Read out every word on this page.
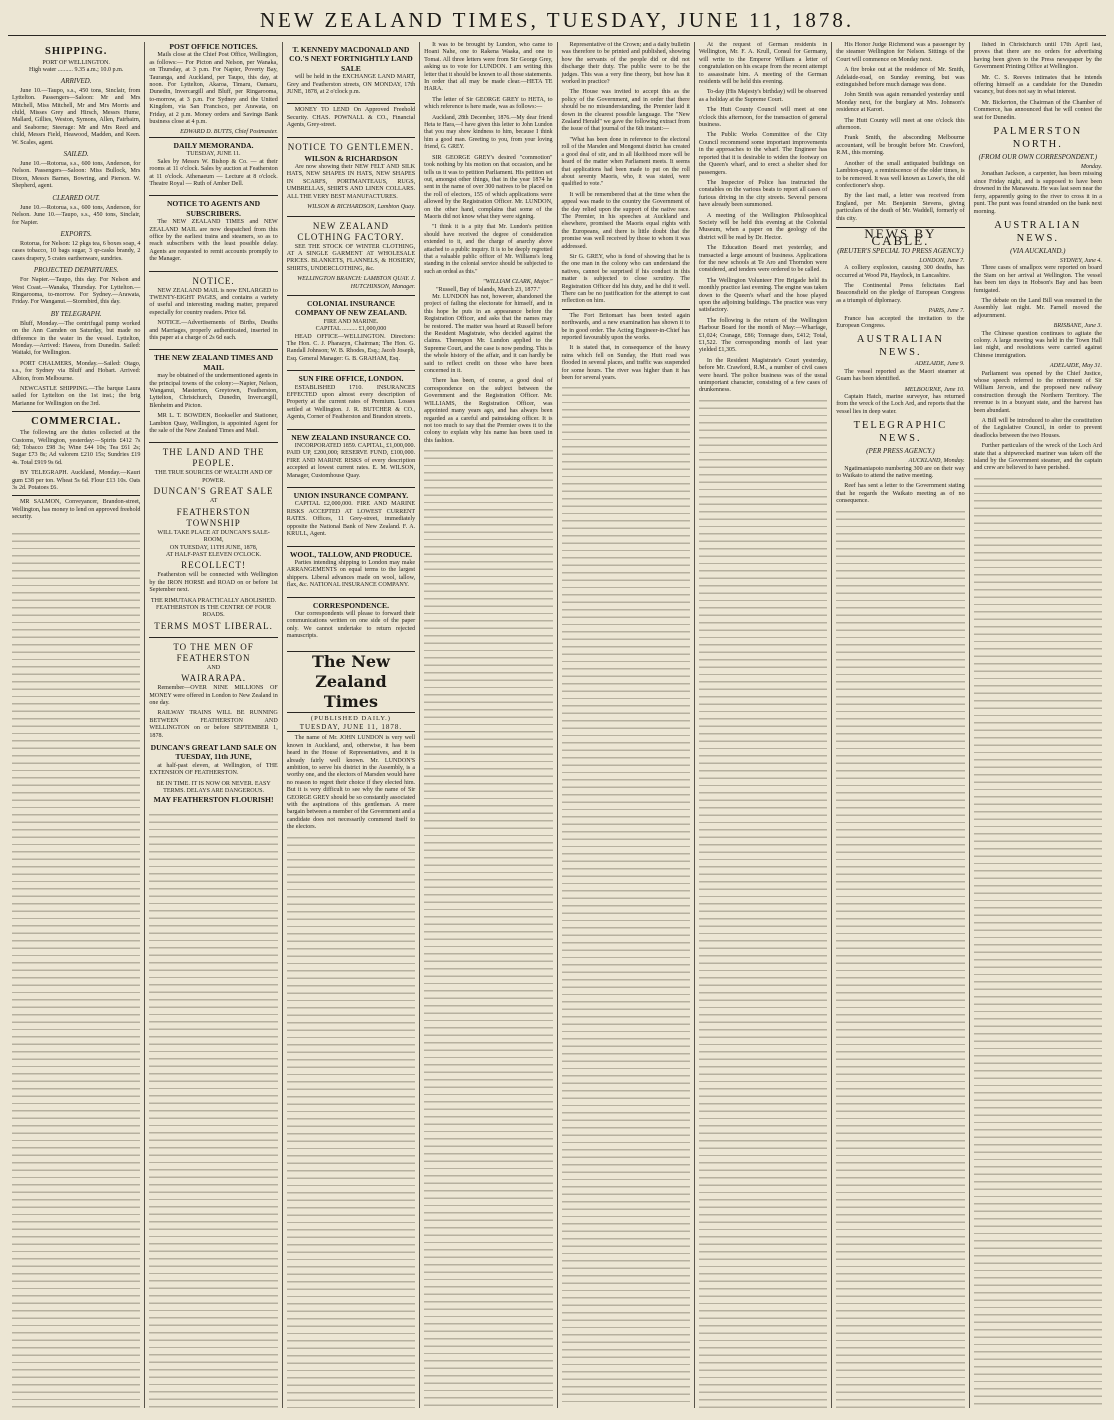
NEW ZEALAND TIMES, TUESDAY, JUNE 11, 1878.
SHIPPING.
PORT OF WELLINGTON.
High water .......... 9.35 a.m.; 10.0 p.m.
ARRIVED.

June 10.—Taupo, s.s., 450 tons, Sinclair, from Lyttelton. Passengers—Saloon: Mr and Mrs Mitchell, Miss Mitchell, Mr and Mrs Morris and child, Misses Grey and Hirsch, Messrs Hume, Mallard, Gillies, Weston, Symons, Allen, Fairbairn, and Seaborne; Steerage: Mr and Mrs Reed and child, Messrs Field, Heawood, Madden, and Keen. W. Scales, agent.

SAILED.

June 10.—Rotorua, s.s., 600 tons, Anderson, for Nelson. Passengers—Saloon: Miss Bullock, Mrs Dixon, Messrs Barnes, Bowring, and Pierson. W. Shepherd, agent.

CLEARED OUT.

June 10.—Rotorua, s.s., 600 tons, Anderson, for Nelson. June 10.—Taupo, s.s., 450 tons, Sinclair, for Napier.

EXPORTS.

Rotorua, for Nelson: 12 pkgs tea, 6 boxes soap, 4 cases tobacco, 10 bags sugar, 3 qr-casks brandy, 2 cases drapery, 5 crates earthenware, sundries.

PROJECTED DEPARTURES.

For Napier.—Taupo, this day. For Nelson and West Coast.—Wanaka, Thursday. For Lyttelton.—Ringarooma, to-morrow. For Sydney.—Arawata, Friday. For Wanganui.—Stormbird, this day.

BY TELEGRAPH.

Bluff, Monday.—The centrifugal pump worked on the Ann Camden on Saturday, but made no difference in the water in the vessel. Lyttelton, Monday.—Arrived: Hawea, from Dunedin. Sailed: Waitaki, for Wellington.

PORT CHALMERS, Monday.—Sailed: Otago, s.s., for Sydney via Bluff and Hobart. Arrived: Albion, from Melbourne.

NEWCASTLE SHIPPING.—The barque Laura sailed for Lyttelton on the 1st inst.; the brig Marianne for Wellington on the 3rd.

COMMERCIAL.

The following are the duties collected at the Customs, Wellington, yesterday:—Spirits £412 7s 6d; Tobacco £98 3s; Wine £44 10s; Tea £61 2s; Sugar £73 8s; Ad valorem £210 15s; Sundries £19 4s. Total £919 9s 6d.

BY TELEGRAPH. Auckland, Monday.—Kauri gum £38 per ton. Wheat 5s 6d. Flour £13 10s. Oats 3s 2d. Potatoes £6.

MR SALMON, Conveyancer, Brandon-street, Wellington, has money to lend on approved freehold security.

POST OFFICE NOTICES.

Mails close at the Chief Post Office, Wellington, as follows:— For Picton and Nelson, per Wanaka, on Thursday, at 3 p.m. For Napier, Poverty Bay, Tauranga, and Auckland, per Taupo, this day, at noon. For Lyttelton, Akaroa, Timaru, Oamaru, Dunedin, Invercargill and Bluff, per Ringarooma, to-morrow, at 3 p.m. For Sydney and the United Kingdom, via San Francisco, per Arawata, on Friday, at 2 p.m. Money orders and Savings Bank business close at 4 p.m.

EDWARD D. BUTTS, Chief Postmaster.
DAILY MEMORANDA.
TUESDAY, JUNE 11.

Sales by Messrs W. Bishop & Co. — at their rooms at 11 o'clock. Sales by auction at Featherston at 11 o'clock. Athenaeum — Lecture at 8 o'clock. Theatre Royal — Ruth of Amber Dell.

NOTICE TO AGENTS AND SUBSCRIBERS.

The NEW ZEALAND TIMES and NEW ZEALAND MAIL are now despatched from this office by the earliest trains and steamers, so as to reach subscribers with the least possible delay. Agents are requested to remit accounts promptly to the Manager.

NOTICE.

NEW ZEALAND MAIL is now ENLARGED to TWENTY-EIGHT PAGES, and contains a variety of useful and interesting reading matter, prepared especially for country readers. Price 6d.

NOTICE.—Advertisements of Births, Deaths and Marriages, properly authenticated, inserted in this paper at a charge of 2s 6d each.

THE NEW ZEALAND TIMES AND MAIL

may be obtained of the undermentioned agents in the principal towns of the colony:—Napier, Nelson, Wanganui, Masterton, Greytown, Featherston, Lyttelton, Christchurch, Dunedin, Invercargill, Blenheim and Picton.

MR L. T. BOWDEN, Bookseller and Stationer, Lambton Quay, Wellington, is appointed Agent for the sale of the New Zealand Times and Mail.

THE LAND AND THE PEOPLE.
THE TRUE SOURCES OF WEALTH AND OF POWER.
DUNCAN'S GREAT SALE
AT
FEATHERSTON TOWNSHIP
WILL TAKE PLACE AT DUNCAN'S SALE-ROOM,
ON TUESDAY, 11TH JUNE, 1878,
AT HALF-PAST ELEVEN O'CLOCK.
RECOLLECT!

Featherston will be connected with Wellington by the IRON HORSE and ROAD on or before 1st September next.

THE RIMUTAKA PRACTICALLY ABOLISHED.
FEATHERSTON IS THE CENTRE OF FOUR ROADS.
TERMS MOST LIBERAL.
TO THE MEN OF FEATHERSTON
AND
WAIRARAPA.

Remember—OVER NINE MILLIONS OF MONEY were offered in London to New Zealand in one day.

RAILWAY TRAINS WILL BE RUNNING BETWEEN FEATHERSTON AND WELLINGTON on or before SEPTEMBER 1, 1878.

DUNCAN'S GREAT LAND SALE ON TUESDAY, 11th JUNE,

at half-past eleven, at Wellington, of THE EXTENSION OF FEATHERSTON.

BE IN TIME. IT IS NOW OR NEVER. EASY TERMS. DELAYS ARE DANGEROUS.
MAY FEATHERSTON FLOURISH!
T. KENNEDY MACDONALD AND CO.'S NEXT FORTNIGHTLY LAND SALE

will be held in the EXCHANGE LAND MART, Grey and Featherston streets, ON MONDAY, 17th JUNE, 1878, at 2 o'clock p.m.

MONEY TO LEND On Approved Freehold Security. CHAS. POWNALL & CO., Financial Agents, Grey-street.

NOTICE TO GENTLEMEN.
WILSON & RICHARDSON

Are now showing their NEW FELT AND SILK HATS, NEW SHAPES IN HATS, NEW SHAPES IN SCARFS, PORTMANTEAUS, RUGS, UMBRELLAS, SHIRTS AND LINEN COLLARS. ALL THE VERY BEST MANUFACTURES.

WILSON & RICHARDSON, Lambton Quay.
NEW ZEALAND CLOTHING FACTORY.

SEE THE STOCK OF WINTER CLOTHING, AT A SINGLE GARMENT AT WHOLESALE PRICES. BLANKETS, FLANNELS, & HOSIERY, SHIRTS, UNDERCLOTHING, &c.

WELLINGTON BRANCH: LAMBTON QUAY. J. HUTCHINSON, Manager.
COLONIAL INSURANCE COMPANY OF NEW ZEALAND.
FIRE AND MARINE.
CAPITAL .......... £1,000,000

HEAD OFFICE—WELLINGTON. Directors: The Hon. C. J. Pharazyn, Chairman; The Hon. G. Randall Johnson; W. B. Rhodes, Esq.; Jacob Joseph, Esq. General Manager: G. B. GRAHAM, Esq.

SUN FIRE OFFICE, LONDON.

ESTABLISHED 1710. INSURANCES EFFECTED upon almost every description of Property at the current rates of Premium. Losses settled at Wellington. J. R. BUTCHER & CO., Agents, Corner of Featherston and Brandon streets.

NEW ZEALAND INSURANCE CO.

INCORPORATED 1859. CAPITAL, £1,000,000. PAID UP, £200,000; RESERVE FUND, £100,000. FIRE AND MARINE RISKS of every description accepted at lowest current rates. E. M. WILSON, Manager, Customhouse Quay.

UNION INSURANCE COMPANY.

CAPITAL £2,000,000. FIRE AND MARINE RISKS ACCEPTED AT LOWEST CURRENT RATES. Offices, 11 Grey-street, immediately opposite the National Bank of New Zealand. F. A. KRULL, Agent.

WOOL, TALLOW, AND PRODUCE.

Parties intending shipping to London may make ARRANGEMENTS on equal terms to the largest shippers. Liberal advances made on wool, tallow, flax, &c. NATIONAL INSURANCE COMPANY.

CORRESPONDENCE.

Our correspondents will please to forward their communications written on one side of the paper only. We cannot undertake to return rejected manuscripts.

The New Zealand Times
(PUBLISHED DAILY.)
TUESDAY, JUNE 11, 1878.

The name of Mr. JOHN LUNDON is very well known in Auckland, and, otherwise, it has been heard in the House of Representatives, and it is already fairly well known. Mr. LUNDON'S ambition, to serve his district in the Assembly, is a worthy one, and the electors of Marsden would have no reason to regret their choice if they elected him. But it is very difficult to see why the name of Sir GEORGE GREY should be so constantly associated with the aspirations of this gentleman. A mere bargain between a member of the Government and a candidate does not necessarily commend itself to the electors.

It was to be brought by Lundon, who came to Hoani Nahe, one to Rakena Waaka, and one to Tomai. All three letters were from Sir George Grey, asking us to vote for LUNDON. I am writing this letter that it should be known to all those statements. In order that all may be made clear.—HETA TE HARA.

The letter of Sir GEORGE GREY to HETA, to which reference is here made, was as follows:—

Auckland, 28th December, 1876.—My dear friend Heta te Hara,—I have given this letter to John Lundon that you may show kindness to him, because I think him a good man. Greeting to you, from your loving friend, G. GREY.

SIR GEORGE GREY's desired "commotion" took nothing by his motion on that occasion, and he tells us it was to petition Parliament. His petition set out, amongst other things, that in the year 1874 he sent in the name of over 300 natives to be placed on the roll of electors, 155 of which applications were allowed by the Registration Officer. Mr. LUNDON, on the other hand, complains that some of the Maoris did not know what they were signing.

"I think it is a pity that Mr. Lundon's petition should have received the degree of consideration extended to it, and the charge of anarchy above attached to a public inquiry. It is to be deeply regretted that a valuable public officer of Mr. Williams's long standing in the colonial service should be subjected to such an ordeal as this."

"WILLIAM CLARK, Major."
"Russell, Bay of Islands, March 23, 1877."

Mr. LUNDON has not, however, abandoned the project of failing the electorate for himself, and in this hope he puts in an appearance before the Registration Officer, and asks that the names may be restored. The matter was heard at Russell before the Resident Magistrate, who decided against the claims. Thereupon Mr. Lundon applied to the Supreme Court, and the case is now pending. This is the whole history of the affair, and it can hardly be said to reflect credit on those who have been concerned in it.

There has been, of course, a good deal of correspondence on the subject between the Government and the Registration Officer. Mr. WILLIAMS, the Registration Officer, was appointed many years ago, and has always been regarded as a careful and painstaking officer. It is not too much to say that the Premier owes it to the colony to explain why his name has been used in this fashion.

Representative of the Crown; and a daily bulletin was therefore to be printed and published, showing how the servants of the people did or did not discharge their duty. The public were to be the judges. This was a very fine theory, but how has it worked in practice?

The House was invited to accept this as the policy of the Government, and in order that there should be no misunderstanding, the Premier laid it down in the clearest possible language. The "New Zealand Herald" we gave the following extract from the issue of that journal of the 6th instant:—

"What has been done in reference to the electoral roll of the Marsden and Mongonui district has created a good deal of stir, and in all likelihood more will be heard of the matter when Parliament meets. It seems that applications had been made to put on the roll about seventy Maoris, who, it was stated, were qualified to vote."

It will be remembered that at the time when the appeal was made to the country the Government of the day relied upon the support of the native race. The Premier, in his speeches at Auckland and elsewhere, promised the Maoris equal rights with the Europeans, and there is little doubt that the promise was well received by those to whom it was addressed.

Sir G. GREY, who is fond of showing that he is the one man in the colony who can understand the natives, cannot be surprised if his conduct in this matter is subjected to close scrutiny. The Registration Officer did his duty, and he did it well. There can be no justification for the attempt to cast reflection on him.

The Fort Britomart has been tested again northwards, and a new examination has shown it to be in good order. The Acting Engineer-in-Chief has reported favourably upon the works.

It is stated that, in consequence of the heavy rains which fell on Sunday, the Hutt road was flooded in several places, and traffic was suspended for some hours. The river was higher than it has been for several years.

At the request of German residents in Wellington, Mr. F. A. Krull, Consul for Germany, will write to the Emperor William a letter of congratulation on his escape from the recent attempt to assassinate him. A meeting of the German residents will be held this evening.

To-day (His Majesty's birthday) will be observed as a holiday at the Supreme Court.

The Hutt County Council will meet at one o'clock this afternoon, for the transaction of general business.

The Public Works Committee of the City Council recommend some important improvements in the approaches to the wharf. The Engineer has reported that it is desirable to widen the footway on the Queen's wharf, and to erect a shelter shed for passengers.

The Inspector of Police has instructed the constables on the various beats to report all cases of furious driving in the city streets. Several persons have already been summoned.

A meeting of the Wellington Philosophical Society will be held this evening at the Colonial Museum, when a paper on the geology of the district will be read by Dr. Hector.

The Education Board met yesterday, and transacted a large amount of business. Applications for the new schools at Te Aro and Thorndon were considered, and tenders were ordered to be called.

The Wellington Volunteer Fire Brigade held its monthly practice last evening. The engine was taken down to the Queen's wharf and the hose played upon the adjoining buildings. The practice was very satisfactory.

The following is the return of the Wellington Harbour Board for the month of May:—Wharfage, £1,024; Cranage, £86; Tonnage dues, £412; Total, £1,522. The corresponding month of last year yielded £1,305.

In the Resident Magistrate's Court yesterday, before Mr. Crawford, R.M., a number of civil cases were heard. The police business was of the usual unimportant character, consisting of a few cases of drunkenness.

His Honor Judge Richmond was a passenger by the steamer Wellington for Nelson. Sittings of the Court will commence on Monday next.

A fire broke out at the residence of Mr. Smith, Adelaide-road, on Sunday evening, but was extinguished before much damage was done.

John Smith was again remanded yesterday until Monday next, for the burglary at Mrs. Johnson's residence at Karori.

The Hutt County will meet at one o'clock this afternoon.

Frank Smith, the absconding Melbourne accountant, will be brought before Mr. Crawford, R.M., this morning.

Another of the small antiquated buildings on Lambton-quay, a reminiscence of the older times, is to be removed. It was well known as Lowe's, the old confectioner's shop.

By the last mail, a letter was received from England, per Mr. Benjamin Stevens, giving particulars of the death of Mr. Waddell, formerly of this city.

NEWS BY CABLE.
(REUTER'S SPECIAL TO PRESS AGENCY.)
LONDON, June 7.

A colliery explosion, causing 300 deaths, has occurred at Wood Pit, Haydock, in Lancashire.

The Continental Press felicitates Earl Beaconsfield on the pledge of European Congress as a triumph of diplomacy.

PARIS, June 7.

France has accepted the invitation to the European Congress.

AUSTRALIAN NEWS.
ADELAIDE, June 9.

The vessel reported as the Maori steamer at Guam has been identified.

MELBOURNE, June 10.

Captain Hatch, marine surveyor, has returned from the wreck of the Loch Ard, and reports that the vessel lies in deep water.

TELEGRAPHIC NEWS.
(PER PRESS AGENCY.)
AUCKLAND, Monday.

Ngatimaniapoto numbering 300 are on their way to Waikato to attend the native meeting.

Reef has sent a letter to the Government stating that he regards the Waikato meeting as of no consequence.

lished in Christchurch until 17th April last, proves that there are no orders for advertising having been given to the Press newspaper by the Government Printing Office at Wellington.

Mr. C. S. Reeves intimates that he intends offering himself as a candidate for the Dunedin vacancy, but does not say in what interest.

Mr. Bickerton, the Chairman of the Chamber of Commerce, has announced that he will contest the seat for Dunedin.

PALMERSTON NORTH.
(FROM OUR OWN CORRESPONDENT.)
Monday.

Jonathan Jackson, a carpenter, has been missing since Friday night, and is supposed to have been drowned in the Manawatu. He was last seen near the ferry, apparently going to the river to cross it in a punt. The punt was found stranded on the bank next morning.

AUSTRALIAN NEWS.
(VIA AUCKLAND.)
SYDNEY, June 4.

Three cases of smallpox were reported on board the Siam on her arrival at Wellington. The vessel has been ten days in Hobson's Bay and has been fumigated.

The debate on the Land Bill was resumed in the Assembly last night. Mr. Farnell moved the adjournment.

BRISBANE, June 3.

The Chinese question continues to agitate the colony. A large meeting was held in the Town Hall last night, and resolutions were carried against Chinese immigration.

ADELAIDE, May 31.

Parliament was opened by the Chief Justice, whose speech referred to the retirement of Sir William Jervois, and the proposed new railway construction through the Northern Territory. The revenue is in a buoyant state, and the harvest has been abundant.

A Bill will be introduced to alter the constitution of the Legislative Council, in order to prevent deadlocks between the two Houses.

Further particulars of the wreck of the Loch Ard state that a shipwrecked mariner was taken off the island by the Government steamer, and the captain and crew are believed to have perished.
